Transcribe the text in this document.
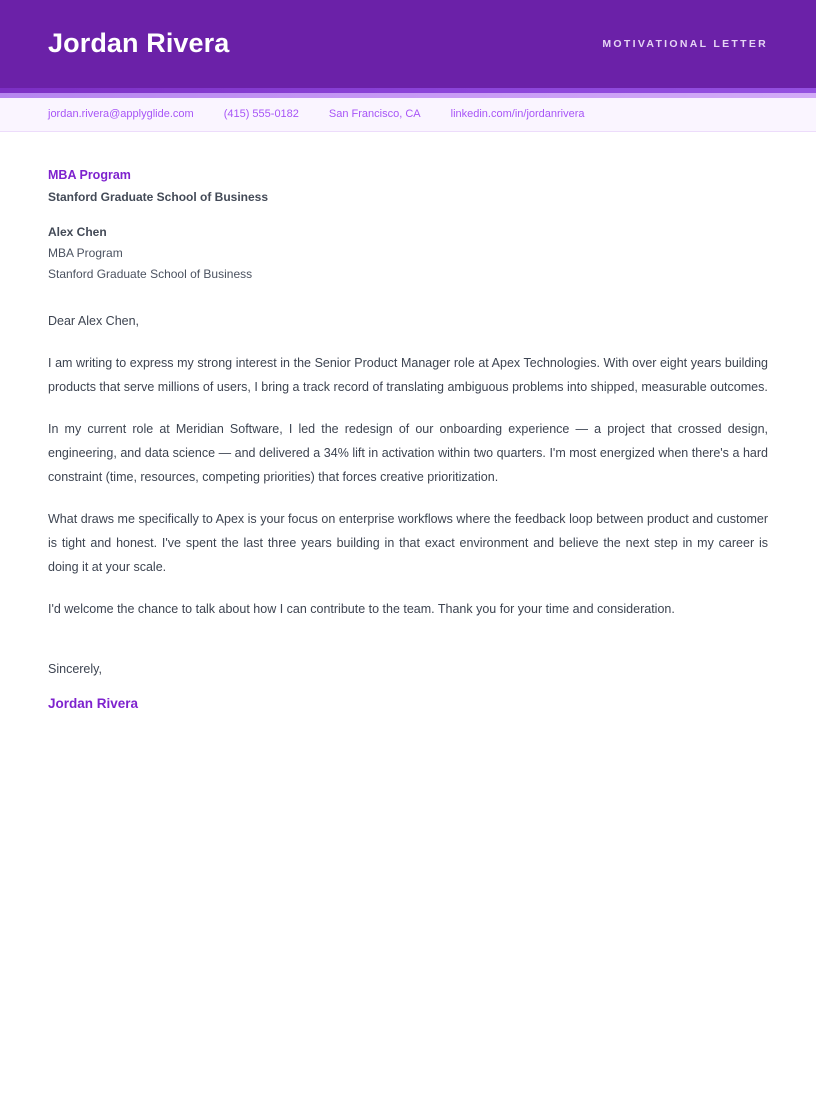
Jordan Rivera	MOTIVATIONAL LETTER
jordan.rivera@applyglide.com	(415) 555-0182	San Francisco, CA	linkedin.com/in/jordanrivera
MBA Program
Stanford Graduate School of Business
Alex Chen
MBA Program
Stanford Graduate School of Business
Dear Alex Chen,

I am writing to express my strong interest in the Senior Product Manager role at Apex Technologies. With over eight years building products that serve millions of users, I bring a track record of translating ambiguous problems into shipped, measurable outcomes.

In my current role at Meridian Software, I led the redesign of our onboarding experience — a project that crossed design, engineering, and data science — and delivered a 34% lift in activation within two quarters. I'm most energized when there's a hard constraint (time, resources, competing priorities) that forces creative prioritization.

What draws me specifically to Apex is your focus on enterprise workflows where the feedback loop between product and customer is tight and honest. I've spent the last three years building in that exact environment and believe the next step in my career is doing it at your scale.

I'd welcome the chance to talk about how I can contribute to the team. Thank you for your time and consideration.

Sincerely,
Jordan Rivera
